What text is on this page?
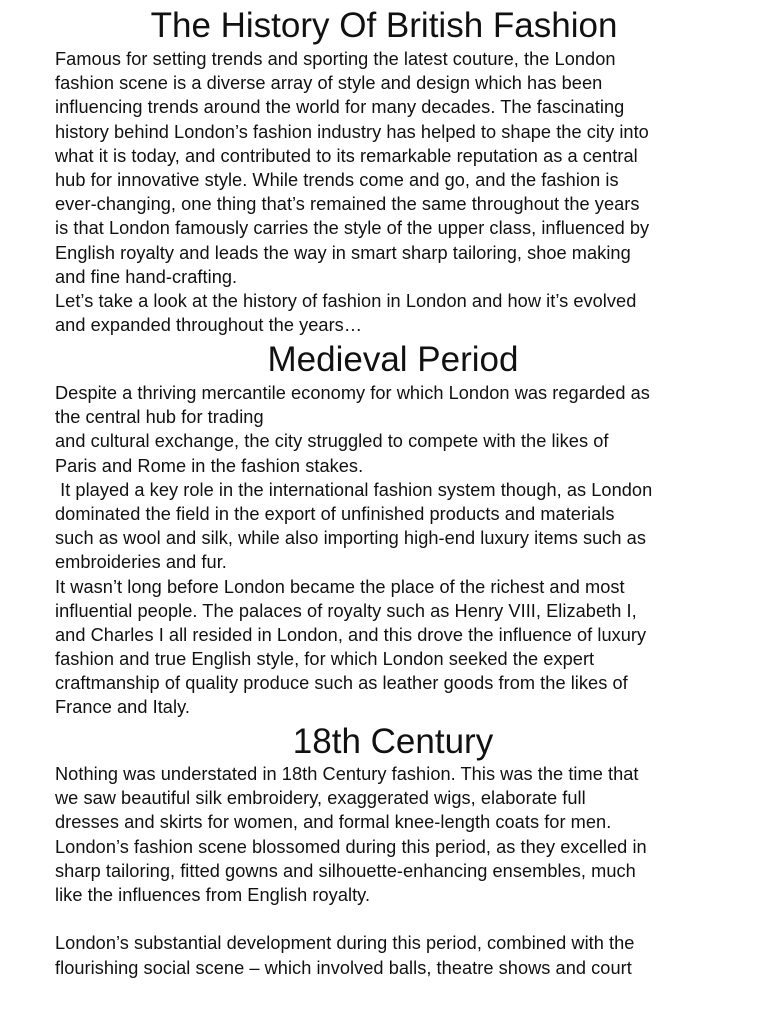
The History Of British Fashion
Famous for setting trends and sporting the latest couture, the London
fashion scene is a diverse array of style and design which has been
influencing trends around the world for many decades. The fascinating
history behind London’s fashion industry has helped to shape the city into
what it is today, and contributed to its remarkable reputation as a central
hub for innovative style. While trends come and go, and the fashion is
ever-changing, one thing that’s remained the same throughout the years
is that London famously carries the style of the upper class, influenced by
English royalty and leads the way in smart sharp tailoring, shoe making
and fine hand-crafting.
Let’s take a look at the history of fashion in London and how it’s evolved
and expanded throughout the years…
Medieval Period
Despite a thriving mercantile economy for which London was regarded as
the central hub for trading
and cultural exchange, the city struggled to compete with the likes of
Paris and Rome in the fashion stakes.
It played a key role in the international fashion system though, as London
dominated the field in the export of unfinished products and materials
such as wool and silk, while also importing high-end luxury items such as
embroideries and fur.
It wasn’t long before London became the place of the richest and most
influential people. The palaces of royalty such as Henry VIII, Elizabeth I,
and Charles I all resided in London, and this drove the influence of luxury
fashion and true English style, for which London seeked the expert
craftmanship of quality produce such as leather goods from the likes of
France and Italy.
18th Century
Nothing was understated in 18th Century fashion. This was the time that
we saw beautiful silk embroidery, exaggerated wigs, elaborate full
dresses and skirts for women, and formal knee-length coats for men.
London’s fashion scene blossomed during this period, as they excelled in
sharp tailoring, fitted gowns and silhouette-enhancing ensembles, much
like the influences from English royalty.
London’s substantial development during this period, combined with the
flourishing social scene – which involved balls, theatre shows and court
